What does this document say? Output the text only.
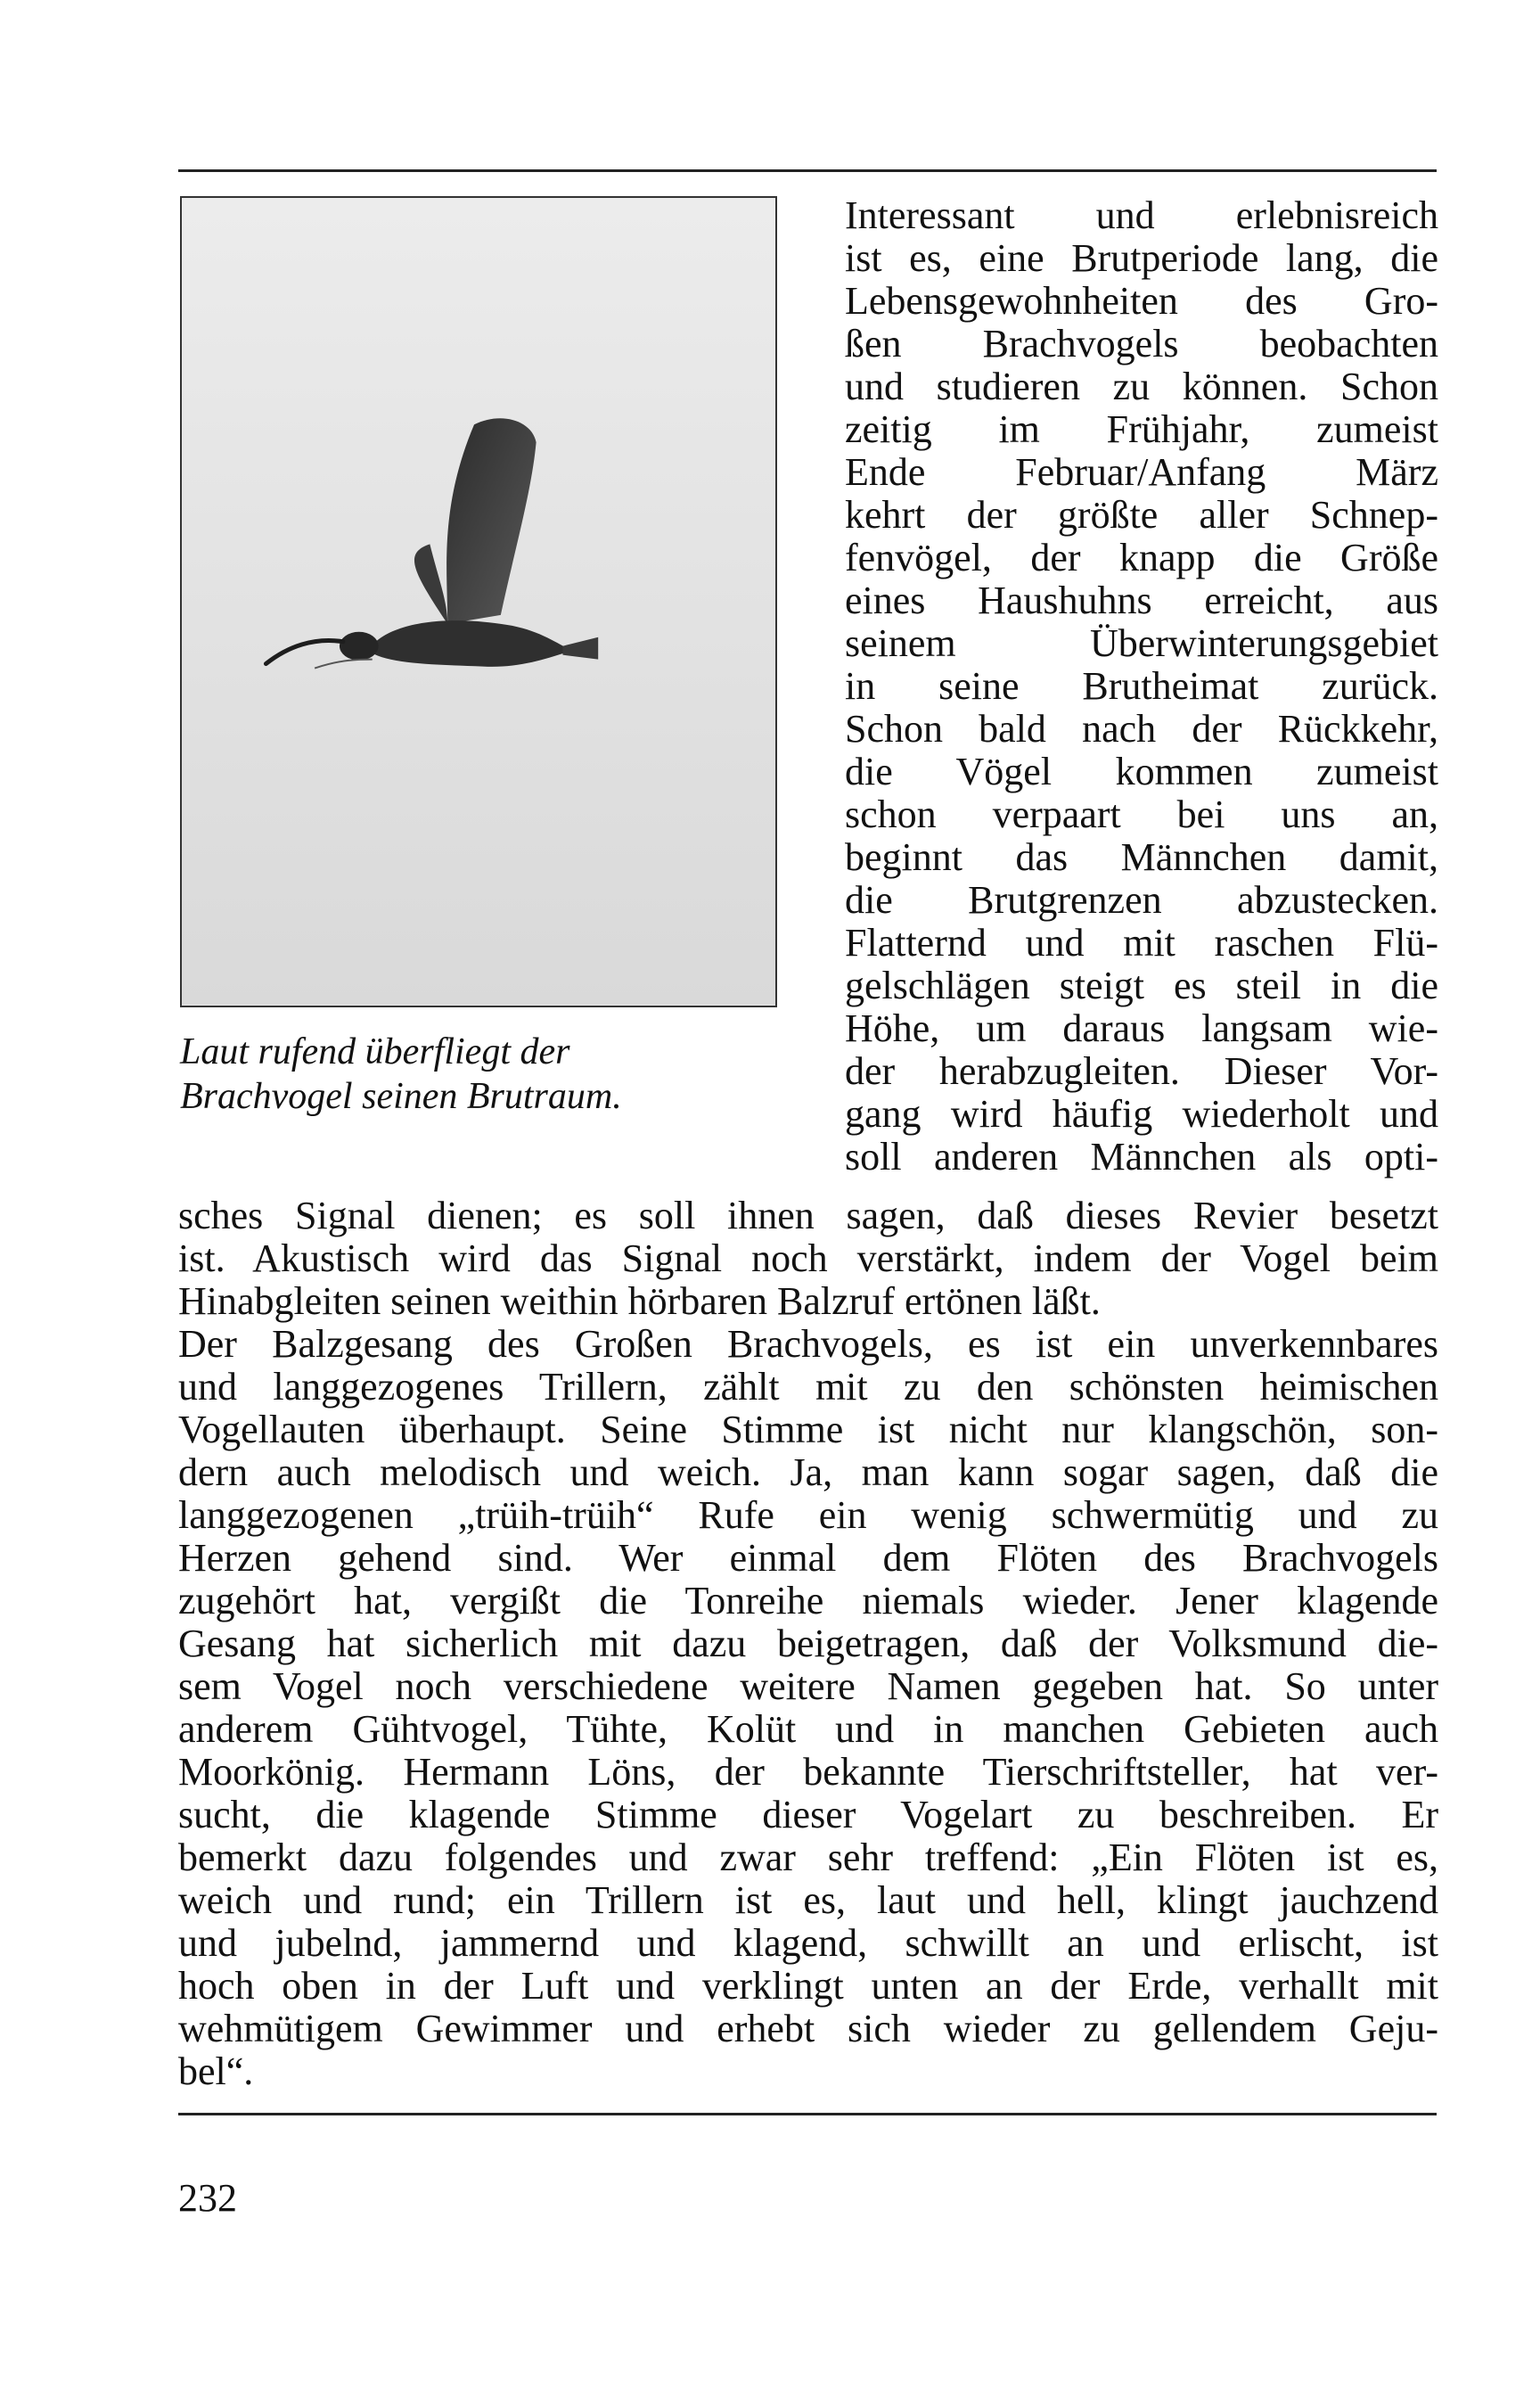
Laut rufend überfliegt der
Brachvogel seinen Brutraum.
Interessant und erlebnisreich
ist es, eine Brutperiode lang, die
Lebensgewohnheiten des Gro-
ßen Brachvogels beobachten
und studieren zu können. Schon
zeitig im Frühjahr, zumeist
Ende Februar/Anfang März
kehrt der größte aller Schnep-
fenvögel, der knapp die Größe
eines Haushuhns erreicht, aus
seinem Überwinterungsgebiet
in seine Brutheimat zurück.
Schon bald nach der Rückkehr,
die Vögel kommen zumeist
schon verpaart bei uns an,
beginnt das Männchen damit,
die Brutgrenzen abzustecken.
Flatternd und mit raschen Flü-
gelschlägen steigt es steil in die
Höhe, um daraus langsam wie-
der herabzugleiten. Dieser Vor-
gang wird häufig wiederholt und
soll anderen Männchen als opti-
sches Signal dienen; es soll ihnen sagen, daß dieses Revier besetzt
ist. Akustisch wird das Signal noch verstärkt, indem der Vogel beim
Hinabgleiten seinen weithin hörbaren Balzruf ertönen läßt.
Der Balzgesang des Großen Brachvogels, es ist ein unverkennbares
und langgezogenes Trillern, zählt mit zu den schönsten heimischen
Vogellauten überhaupt. Seine Stimme ist nicht nur klangschön, son-
dern auch melodisch und weich. Ja, man kann sogar sagen, daß die
langgezogenen „trüih-trüih“ Rufe ein wenig schwermütig und zu
Herzen gehend sind. Wer einmal dem Flöten des Brachvogels
zugehört hat, vergißt die Tonreihe niemals wieder. Jener klagende
Gesang hat sicherlich mit dazu beigetragen, daß der Volksmund die-
sem Vogel noch verschiedene weitere Namen gegeben hat. So unter
anderem Gühtvogel, Tühte, Kolüt und in manchen Gebieten auch
Moorkönig. Hermann Löns, der bekannte Tierschriftsteller, hat ver-
sucht, die klagende Stimme dieser Vogelart zu beschreiben. Er
bemerkt dazu folgendes und zwar sehr treffend: „Ein Flöten ist es,
weich und rund; ein Trillern ist es, laut und hell, klingt jauchzend
und jubelnd, jammernd und klagend, schwillt an und erlischt, ist
hoch oben in der Luft und verklingt unten an der Erde, verhallt mit
wehmütigem Gewimmer und erhebt sich wieder zu gellendem Geju-
bel“.
232
